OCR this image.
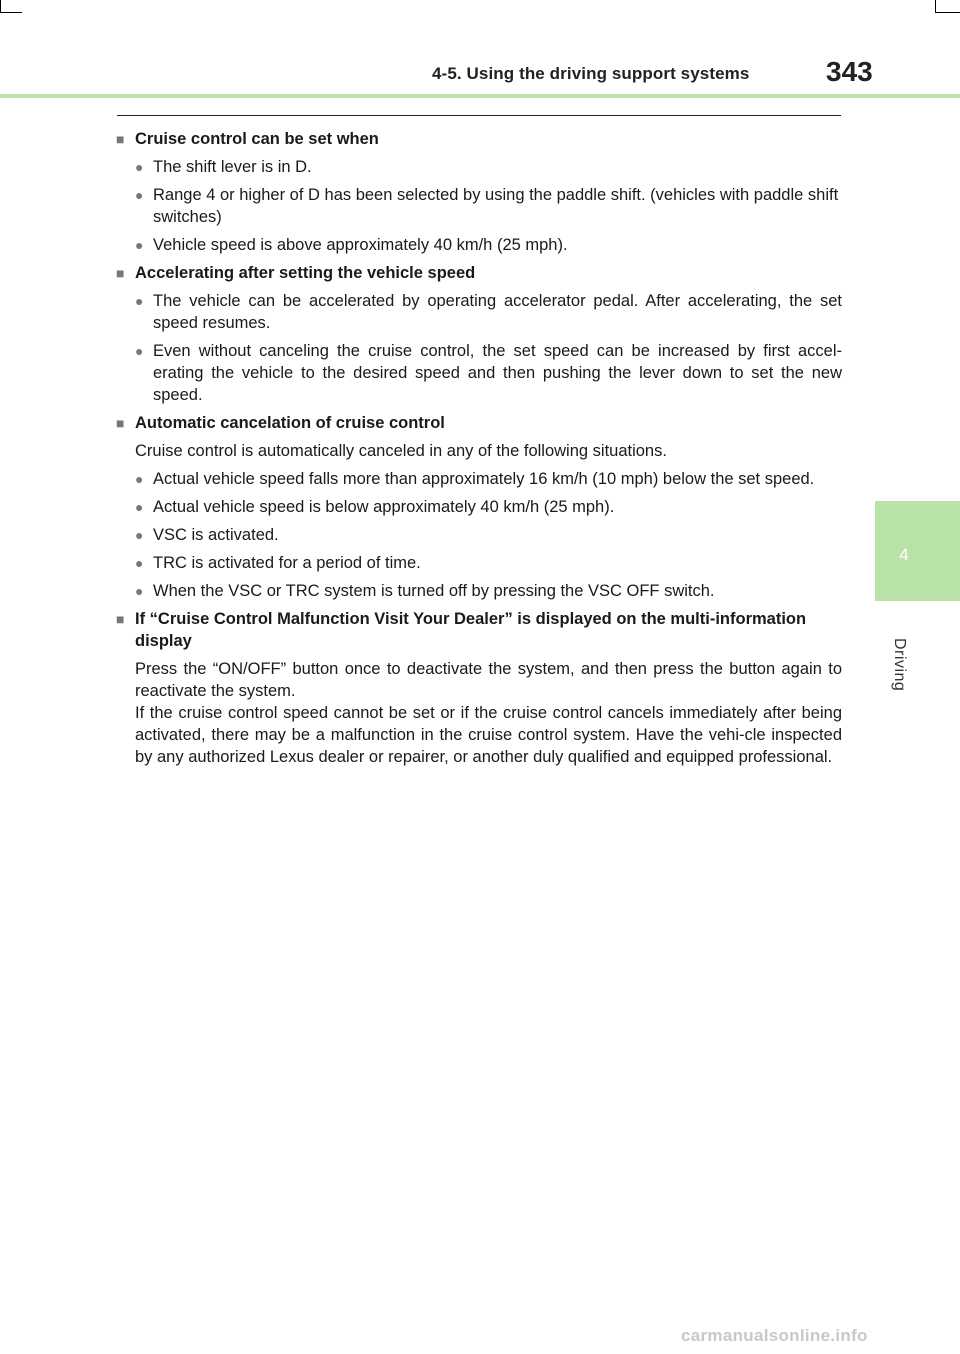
4-5. Using the driving support systems	343
4
Driving
■ Cruise control can be set when
● The shift lever is in D.
● Range 4 or higher of D has been selected by using the paddle shift. (vehicles with paddle shift switches)
● Vehicle speed is above approximately 40 km/h (25 mph).
■ Accelerating after setting the vehicle speed
● The vehicle can be accelerated by operating accelerator pedal. After accelerating, the set speed resumes.
● Even without canceling the cruise control, the set speed can be increased by first accel-erating the vehicle to the desired speed and then pushing the lever down to set the new speed.
■ Automatic cancelation of cruise control
Cruise control is automatically canceled in any of the following situations.
● Actual vehicle speed falls more than approximately 16 km/h (10 mph) below the set speed.
● Actual vehicle speed is below approximately 40 km/h (25 mph).
● VSC is activated.
● TRC is activated for a period of time.
● When the VSC or TRC system is turned off by pressing the VSC OFF switch.
■ If “Cruise Control Malfunction Visit Your Dealer” is displayed on the multi-information display
Press the “ON/OFF” button once to deactivate the system, and then press the button again to reactivate the system.
If the cruise control speed cannot be set or if the cruise control cancels immediately after being activated, there may be a malfunction in the cruise control system. Have the vehi-cle inspected by any authorized Lexus dealer or repairer, or another duly qualified and equipped professional.
carmanualsonline.info
